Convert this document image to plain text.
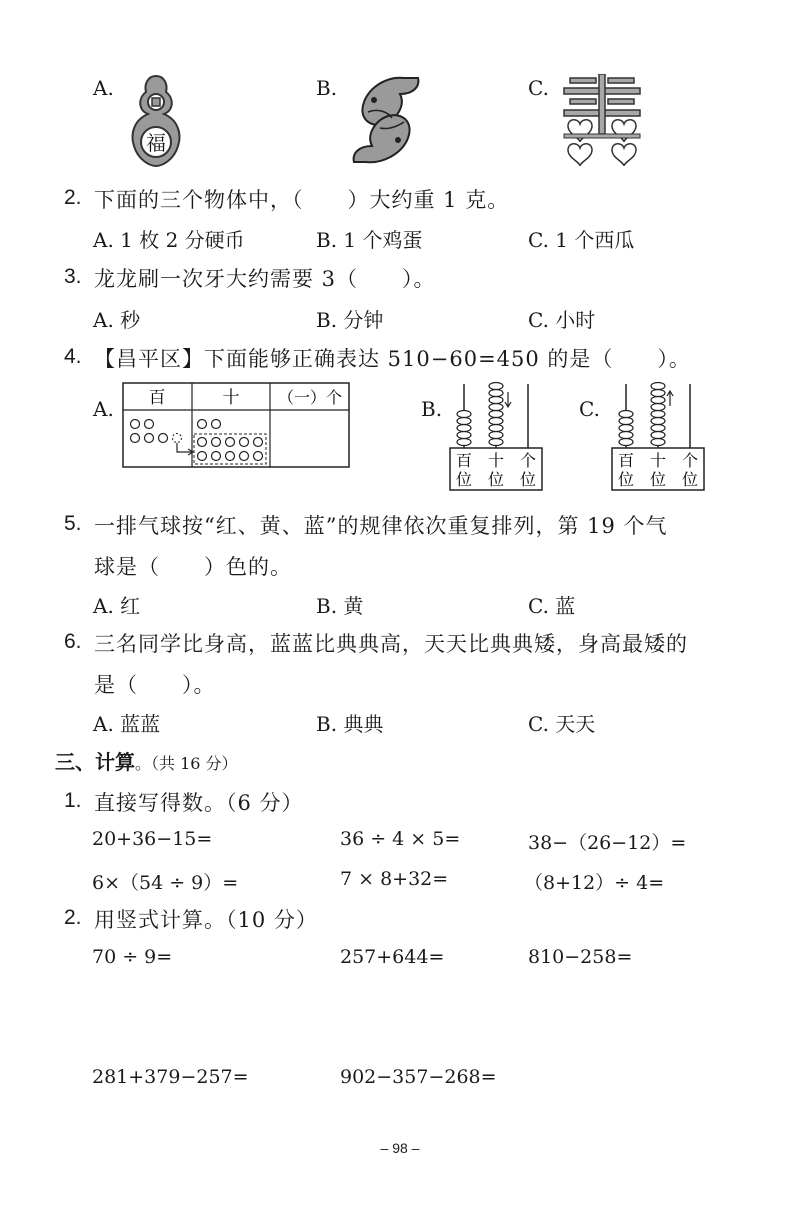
A.
福
B.	C.
2. 下面的三个物体中，（　　）大约重 1 克。
A. 1 枚 2 分硬币	B. 1 个鸡蛋	C. 1 个西瓜
3. 龙龙刷一次牙大约需要 3（　　）。
A. 秒	B. 分钟	C. 小时
4. 【昌平区】下面能够正确表达 510−60=450 的是（　　）。
A. 百	十 （一）个	B.
百 十 个
位 位 位
C.
百 十 个
位 位 位
5. 一排气球按“红、黄、蓝”的规律依次重复排列，第 19 个气
球是（　　）色的。
A. 红	B. 黄	C. 蓝
6. 三名同学比身高，蓝蓝比典典高，天天比典典矮，身高最矮的
是（　　）。
A. 蓝蓝	B. 典典	C. 天天
三、计算。（共 16 分）
1. 直接写得数。（6 分）
20+36−15=	36 ÷ 4 × 5=	38−（26−12）=
6×（54 ÷ 9）=	7 × 8+32=	（8+12）÷ 4=
2. 用竖式计算。（10 分）
70 ÷ 9=	257+644=	810−258=
281+379−257=	902−357−268=
– 98 –
